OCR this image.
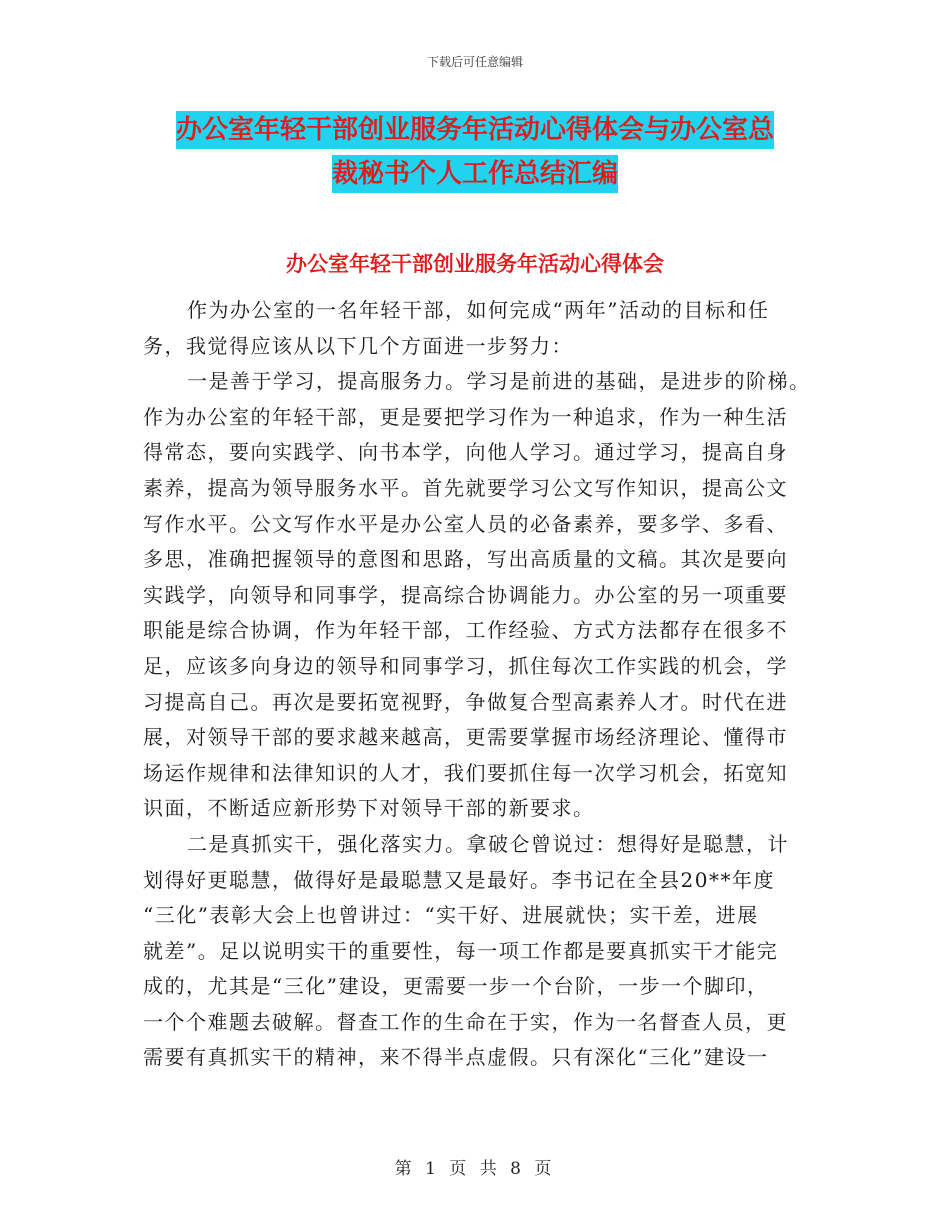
下载后可任意编辑
办公室年轻干部创业服务年活动心得体会与办公室总
裁秘书个人工作总结汇编
办公室年轻干部创业服务年活动心得体会
作为办公室的一名年轻干部，如何完成“两年”活动的目标和任
务，我觉得应该从以下几个方面进一步努力：
一是善于学习，提高服务力。学习是前进的基础，是进步的阶梯。
作为办公室的年轻干部，更是要把学习作为一种追求，作为一种生活
得常态，要向实践学、向书本学，向他人学习。通过学习，提高自身
素养，提高为领导服务水平。首先就要学习公文写作知识，提高公文
写作水平。公文写作水平是办公室人员的必备素养，要多学、多看、
多思，准确把握领导的意图和思路，写出高质量的文稿。其次是要向
实践学，向领导和同事学，提高综合协调能力。办公室的另一项重要
职能是综合协调，作为年轻干部，工作经验、方式方法都存在很多不
足，应该多向身边的领导和同事学习，抓住每次工作实践的机会，学
习提高自己。再次是要拓宽视野，争做复合型高素养人才。时代在进
展，对领导干部的要求越来越高，更需要掌握市场经济理论、懂得市
场运作规律和法律知识的人才，我们要抓住每一次学习机会，拓宽知
识面，不断适应新形势下对领导干部的新要求。
二是真抓实干，强化落实力。拿破仑曾说过：想得好是聪慧，计
划得好更聪慧，做得好是最聪慧又是最好。李书记在全县20**年度
“三化”表彰大会上也曾讲过：“实干好、进展就快；实干差，进展
就差”。足以说明实干的重要性，每一项工作都是要真抓实干才能完
成的，尤其是“三化”建设，更需要一步一个台阶，一步一个脚印，
一个个难题去破解。督查工作的生命在于实，作为一名督查人员，更
需要有真抓实干的精神，来不得半点虚假。只有深化“三化”建设一
第 1 页 共 8 页
